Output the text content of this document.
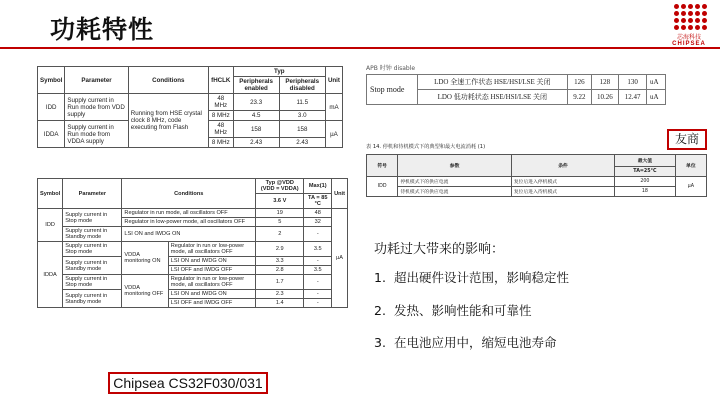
功耗特性	芯海科技
CHIPSEA
Symbol	Parameter	Conditions	fHCLK	Typ		Unit
				Peripherals enabled	Peripherals disabled	
IDD	Supply current in Run mode from VDD supply	Running from HSE crystal clock 8 MHz, code executing from Flash	48 MHz	23.3	11.5	mA
			8 MHz	4.5	3.0	
IDDA	Supply current in Run mode from VDDA supply		48 MHz	158	158	µA
			8 MHz	2.43	2.43	
Symbol	Parameter	Conditions		Typ @VDD (VDD = VDDA)	Max(1)	Unit
				3.6 V	TA = 85 °C	
IDD	Supply current in Stop mode	Regulator in run mode, all oscillators OFF		19	48	µA
		Regulator in low-power mode, all oscillators OFF		5	32	
	Supply current in Standby mode	LSI ON and IWDG ON		2	-	
IDDA	Supply current in Stop mode	VDDA monitoring ON	Regulator in run or low-power mode, all oscillators OFF	2.9	3.5	
	Supply current in Standby mode		LSI ON and IWDG ON	3.3	-	
			LSI OFF and IWDG OFF	2.8	3.5	
	Supply current in Stop mode	VDDA monitoring OFF	Regulator in run or low-power mode, all oscillators OFF	1.7	-	
	Supply current in Standby mode		LSI ON and IWDG ON	2.3	-	
			LSI OFF and IWDG OFF	1.4	-	
APB 时钟 disable
Stop mode	LDO 全速工作状态 HSE/HSI/LSE 关闭	126	128	130	uA
	LDO 低功耗状态 HSE/HSI/LSE 关闭	9.22	10.26	12.47	uA
友商
表 14. 停机和待机模式下的典型和最大电流消耗 (1)
符号	参数	条件	最大值	单位
			TA=25°C	
IDD	停机模式下的供应电流	复位后进入停机模式	200	µA
	待机模式下的供应电流	复位后进入待机模式	18	
功耗过大带来的影响：
1. 超出硬件设计范围，影响稳定性
2. 发热、影响性能和可靠性
3. 在电池应用中，缩短电池寿命
Chipsea CS32F030/031
